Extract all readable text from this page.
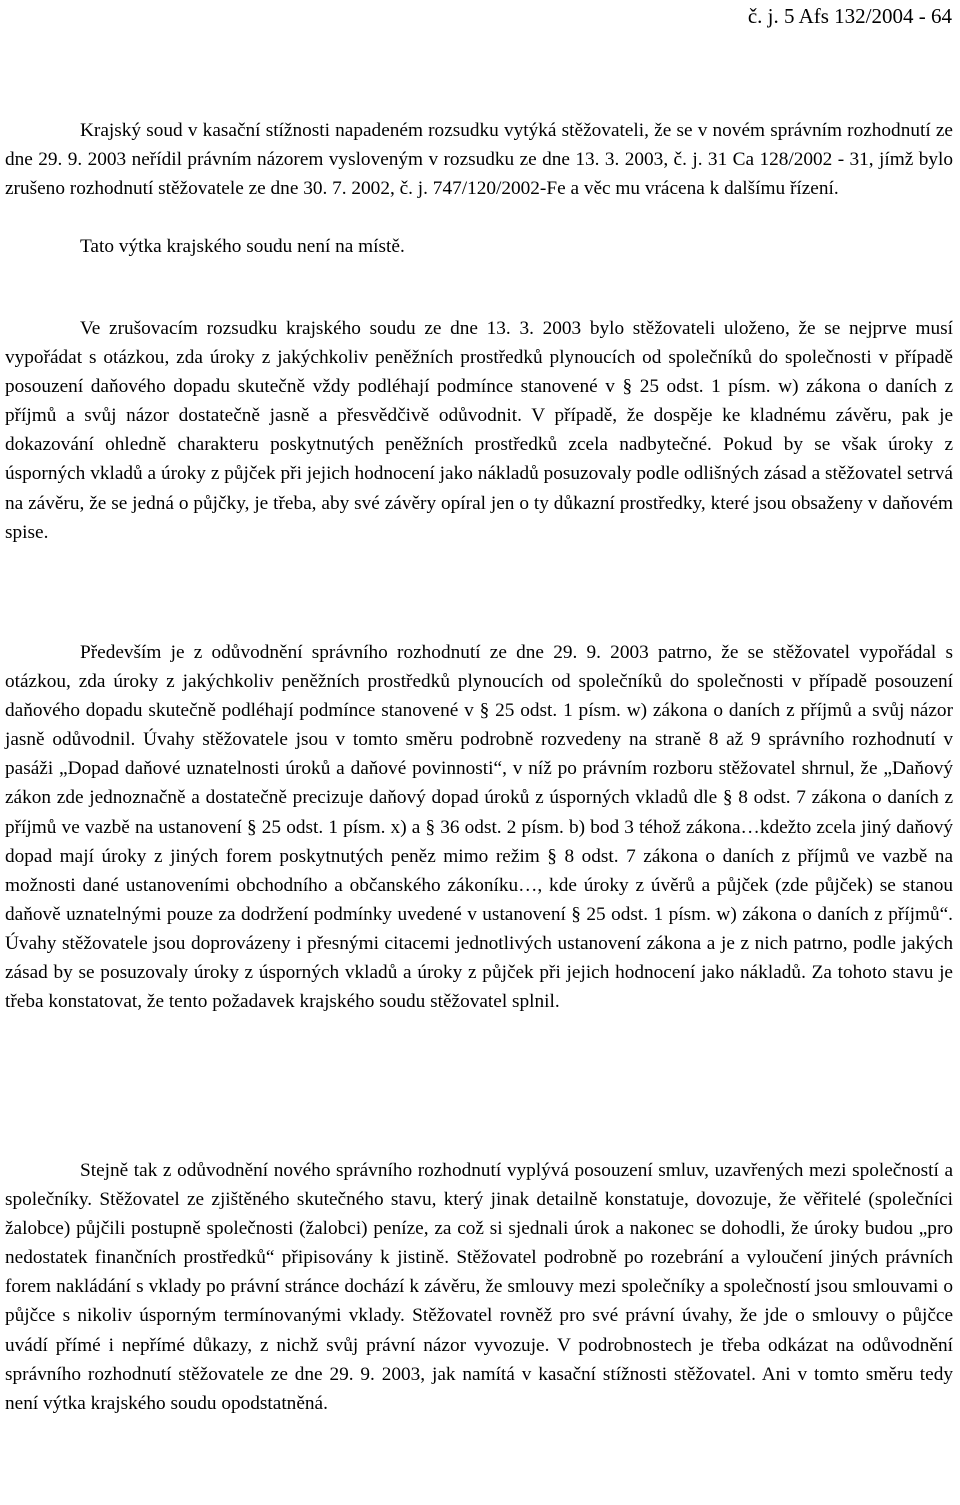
č. j. 5 Afs 132/2004 - 64

Krajský soud v kasační stížnosti napadeném rozsudku vytýká stěžovateli, že se v novém správním rozhodnutí ze dne 29. 9. 2003 neřídil právním názorem vysloveným v rozsudku ze dne 13. 3. 2003, č. j. 31 Ca 128/2002 - 31, jímž bylo zrušeno rozhodnutí stěžovatele ze dne 30. 7. 2002, č. j. 747/120/2002-Fe a věc mu vrácena k dalšímu řízení.

Tato výtka krajského soudu není na místě.

Ve zrušovacím rozsudku krajského soudu ze dne 13. 3. 2003 bylo stěžovateli uloženo, že se nejprve musí vypořádat s otázkou, zda úroky z jakýchkoliv peněžních prostředků plynoucích od společníků do společnosti v případě posouzení daňového dopadu skutečně vždy podléhají podmínce stanovené v § 25 odst. 1 písm. w) zákona o daních z příjmů a svůj názor dostatečně jasně a přesvědčivě odůvodnit. V případě, že dospěje ke kladnému závěru, pak je dokazování ohledně charakteru poskytnutých peněžních prostředků zcela nadbytečné. Pokud by se však úroky z úsporných vkladů a úroky z půjček při jejich hodnocení jako nákladů posuzovaly podle odlišných zásad a stěžovatel setrvá na závěru, že se jedná o půjčky, je třeba, aby své závěry opíral jen o ty důkazní prostředky, které jsou obsaženy v daňovém spise.

Především je z odůvodnění správního rozhodnutí ze dne 29. 9. 2003 patrno, že se stěžovatel vypořádal s otázkou, zda úroky z jakýchkoliv peněžních prostředků plynoucích od společníků do společnosti v případě posouzení daňového dopadu skutečně podléhají podmínce stanovené v § 25 odst. 1 písm. w) zákona o daních z příjmů a svůj názor jasně odůvodnil. Úvahy stěžovatele jsou v tomto směru podrobně rozvedeny na straně 8 až 9 správního rozhodnutí v pasáži „Dopad daňové uznatelnosti úroků a daňové povinnosti“, v níž po právním rozboru stěžovatel shrnul, že „Daňový zákon zde jednoznačně a dostatečně precizuje daňový dopad úroků z úsporných vkladů dle § 8 odst. 7 zákona o daních z příjmů ve vazbě na ustanovení § 25 odst. 1 písm. x) a § 36 odst. 2 písm. b) bod 3 téhož zákona…kdežto zcela jiný daňový dopad mají úroky z jiných forem poskytnutých peněz mimo režim § 8 odst. 7 zákona o daních z příjmů ve vazbě na možnosti dané ustanoveními obchodního a občanského zákoníku…, kde úroky z úvěrů a půjček (zde půjček) se stanou daňově uznatelnými pouze za dodržení podmínky uvedené v ustanovení § 25 odst. 1 písm. w) zákona o daních z příjmů“. Úvahy stěžovatele jsou doprovázeny i přesnými citacemi jednotlivých ustanovení zákona a je z nich patrno, podle jakých zásad by se posuzovaly úroky z úsporných vkladů a úroky z půjček při jejich hodnocení jako nákladů. Za tohoto stavu je třeba konstatovat, že tento požadavek krajského soudu stěžovatel splnil.

Stejně tak z odůvodnění nového správního rozhodnutí vyplývá posouzení smluv, uzavřených mezi společností a společníky. Stěžovatel ze zjištěného skutečného stavu, který jinak detailně konstatuje, dovozuje, že věřitelé (společníci žalobce) půjčili postupně společnosti (žalobci) peníze, za což si sjednali úrok a nakonec se dohodli, že úroky budou „pro nedostatek finančních prostředků“ připisovány k jistině. Stěžovatel podrobně po rozebrání a vyloučení jiných právních forem nakládání s vklady po právní stránce dochází k závěru, že smlouvy mezi společníky a společností jsou smlouvami o půjčce s nikoliv úsporným termínovanými vklady. Stěžovatel rovněž pro své právní úvahy, že jde o smlouvy o půjčce uvádí přímé i nepřímé důkazy, z nichž svůj právní názor vyvozuje. V podrobnostech je třeba odkázat na odůvodnění správního rozhodnutí stěžovatele ze dne 29. 9. 2003, jak namítá v kasační stížnosti stěžovatel. Ani v tomto směru tedy není výtka krajského soudu opodstatněná.
